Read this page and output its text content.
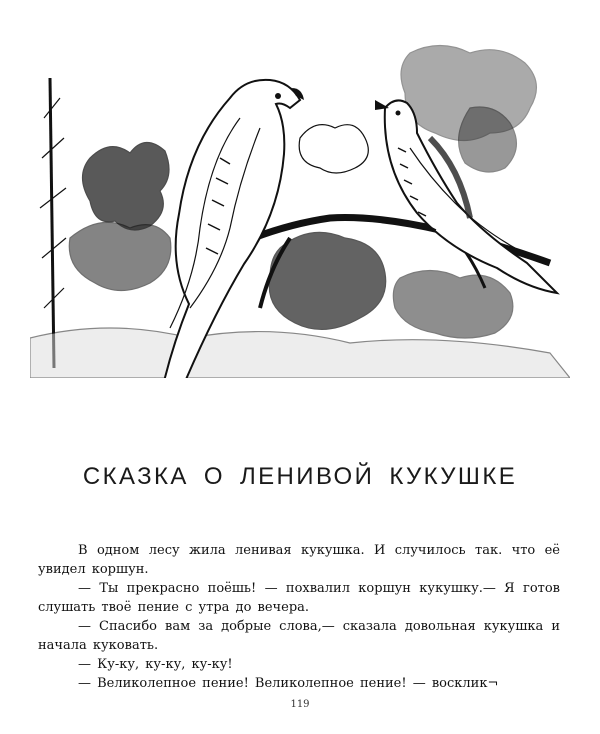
СКАЗКА О ЛЕНИВОЙ КУКУШКЕ

В одном лесу жила ленивая кукушка. И случилось так. что её увидел коршун.

— Ты прекрасно поёшь! — похвалил коршун кукушку.— Я готов слушать твоё пение с утра до вечера.

— Спасибо вам за добрые слова,— сказала довольная кукушка и начала куковать.

— Ку-ку, ку-ку, ку-ку!

— Великолепное пение! Великолепное пение! — восклик¬

119
